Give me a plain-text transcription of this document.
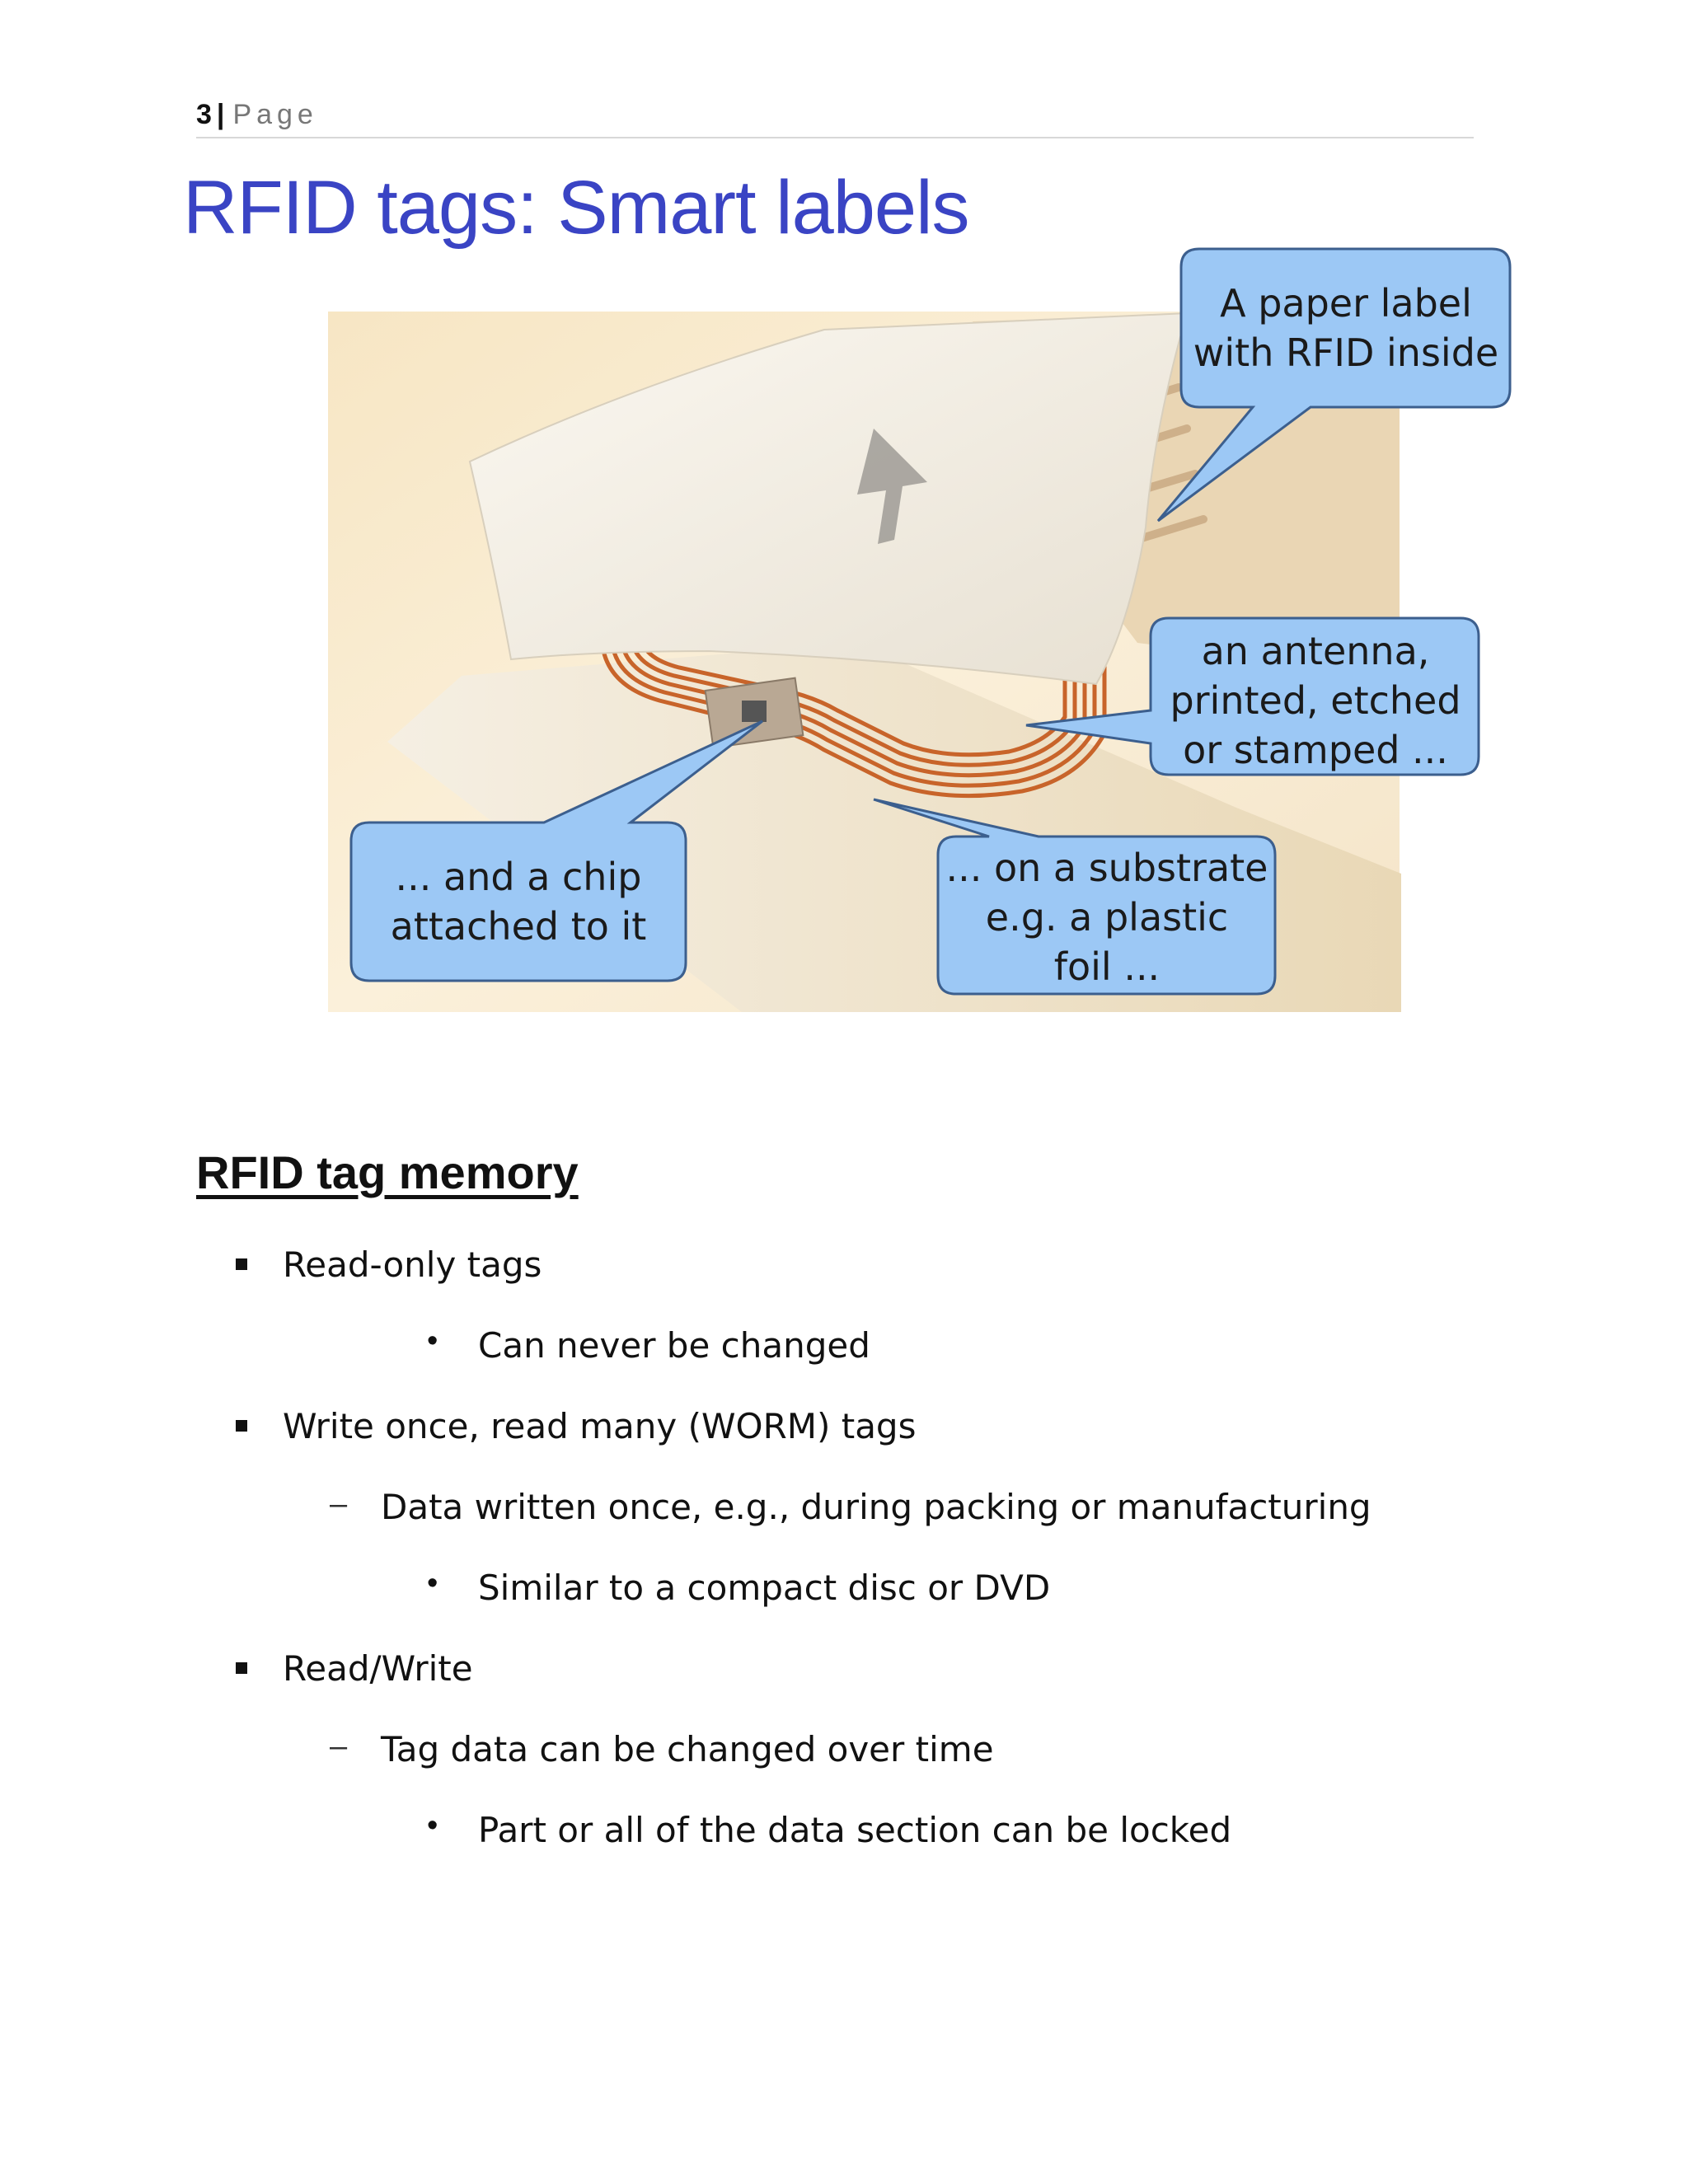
3 | Page
RFID tags: Smart labels
A paper label
with RFID inside
an antenna,
printed, etched
or stamped ...
... and a chip
attached to it
... on a substrate
e.g. a plastic
foil ...
RFID tag memory
Read-only tags
Can never be changed
•
Write once, read many (WORM) tags
Data written once, e.g., during packing or manufacturing
–
Similar to a compact disc or DVD
•
Read/Write
Tag data can be changed over time
–
Part or all of the data section can be locked
•
